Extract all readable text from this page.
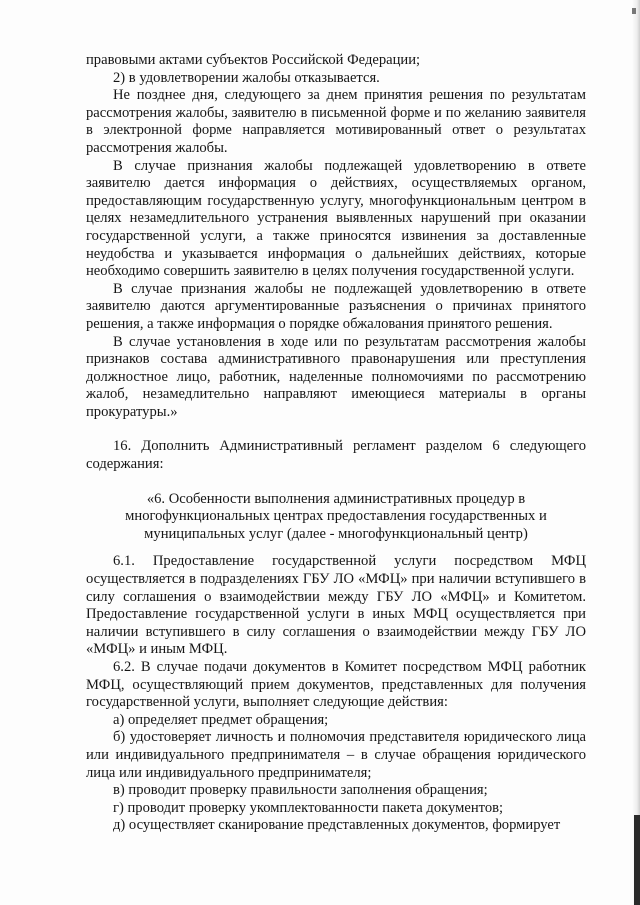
правовыми актами субъектов Российской Федерации;

2) в удовлетворении жалобы отказывается.

Не позднее дня, следующего за днем принятия решения по результатам рассмотрения жалобы, заявителю в письменной форме и по желанию заявителя в электронной форме направляется мотивированный ответ о результатах рассмотрения жалобы.

В случае признания жалобы подлежащей удовлетворению в ответе заявителю дается информация о действиях, осуществляемых органом, предоставляющим государственную услугу, многофункциональным центром в целях незамедлительного устранения выявленных нарушений при оказании государственной услуги, а также приносятся извинения за доставленные неудобства и указывается информация о дальнейших действиях, которые необходимо совершить заявителю в целях получения государственной услуги.

В случае признания жалобы не подлежащей удовлетворению в ответе заявителю даются аргументированные разъяснения о причинах принятого решения, а также информация о порядке обжалования принятого решения.

В случае установления в ходе или по результатам рассмотрения жалобы признаков состава административного правонарушения или преступления должностное лицо, работник, наделенные полномочиями по рассмотрению жалоб, незамедлительно направляют имеющиеся материалы в органы прокуратуры.»

16. Дополнить Административный регламент разделом 6 следующего содержания:

«6. Особенности выполнения административных процедур в
многофункциональных центрах предоставления государственных и
муниципальных услуг (далее - многофункциональный центр)

6.1. Предоставление государственной услуги посредством МФЦ осуществляется в подразделениях ГБУ ЛО «МФЦ» при наличии вступившего в силу соглашения о взаимодействии между ГБУ ЛО «МФЦ» и Комитетом. Предоставление государственной услуги в иных МФЦ осуществляется при наличии вступившего в силу соглашения о взаимодействии между ГБУ ЛО «МФЦ» и иным МФЦ.

6.2. В случае подачи документов в Комитет посредством МФЦ работник МФЦ, осуществляющий прием документов, представленных для получения государственной услуги, выполняет следующие действия:

а) определяет предмет обращения;

б) удостоверяет личность и полномочия представителя юридического лица или индивидуального предпринимателя – в случае обращения юридического лица или индивидуального предпринимателя;

в) проводит проверку правильности заполнения обращения;

г) проводит проверку укомплектованности пакета документов;

д) осуществляет сканирование представленных документов, формирует
